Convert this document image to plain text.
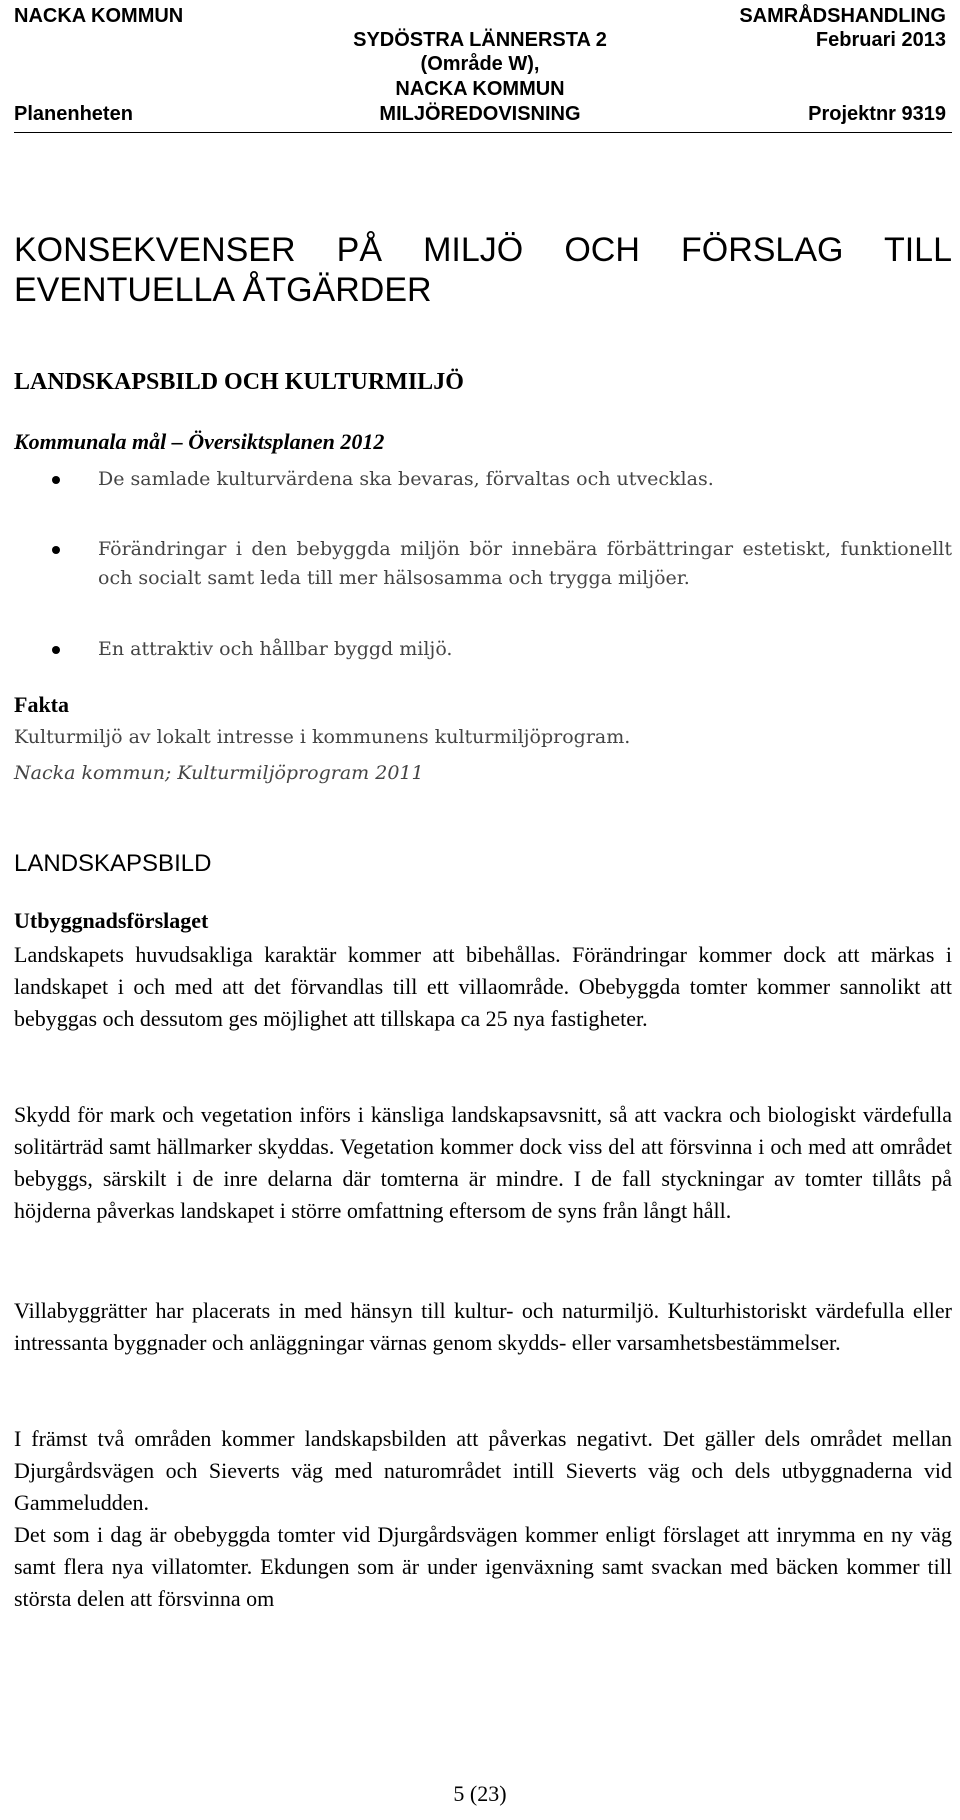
NACKA KOMMUN
Planenheten
SYDÖSTRA LÄNNERSTA 2
(Område W),
NACKA KOMMUN
MILJÖREDOVISNING
SAMRÅDSHANDLING
Februari 2013
Projektnr 9319
KONSEKVENSER PÅ MILJÖ OCH FÖRSLAG TILL
EVENTUELLA ÅTGÄRDER
LANDSKAPSBILD OCH KULTURMILJÖ
Kommunala mål – Översiktsplanen 2012
De samlade kulturvärdena ska bevaras, förvaltas och utvecklas.
Förändringar i den bebyggda miljön bör innebära förbättringar estetiskt, funktionellt och socialt samt leda till mer hälsosamma och trygga miljöer.
En attraktiv och hållbar byggd miljö.
Fakta
Kulturmiljö av lokalt intresse i kommunens kulturmiljöprogram.
Nacka kommun; Kulturmiljöprogram 2011
LANDSKAPSBILD
Utbyggnadsförslaget
Landskapets huvudsakliga karaktär kommer att bibehållas. Förändringar kommer dock att märkas i landskapet i och med att det förvandlas till ett villaområde. Obebyggda tomter kommer sannolikt att bebyggas och dessutom ges möjlighet att tillskapa ca 25 nya fastigheter.
Skydd för mark och vegetation införs i känsliga landskapsavsnitt, så att vackra och biologiskt värdefulla solitärträd samt hällmarker skyddas. Vegetation kommer dock viss del att försvinna i och med att området bebyggs, särskilt i de inre delarna där tomterna är mindre. I de fall styckningar av tomter tillåts på höjderna påverkas landskapet i större omfattning eftersom de syns från långt håll.
Villabyggrätter har placerats in med hänsyn till kultur- och naturmiljö. Kulturhistoriskt värdefulla eller intressanta byggnader och anläggningar värnas genom skydds- eller varsamhetsbestämmelser.
I främst två områden kommer landskapsbilden att påverkas negativt. Det gäller dels området mellan Djurgårdsvägen och Sieverts väg med naturområdet intill Sieverts väg och dels utbyggnaderna vid Gammeludden.
Det som i dag är obebyggda tomter vid Djurgårdsvägen kommer enligt förslaget att inrymma en ny väg samt flera nya villatomter. Ekdungen som är under igenväxning samt svackan med bäcken kommer till största delen att försvinna om
5 (23)
